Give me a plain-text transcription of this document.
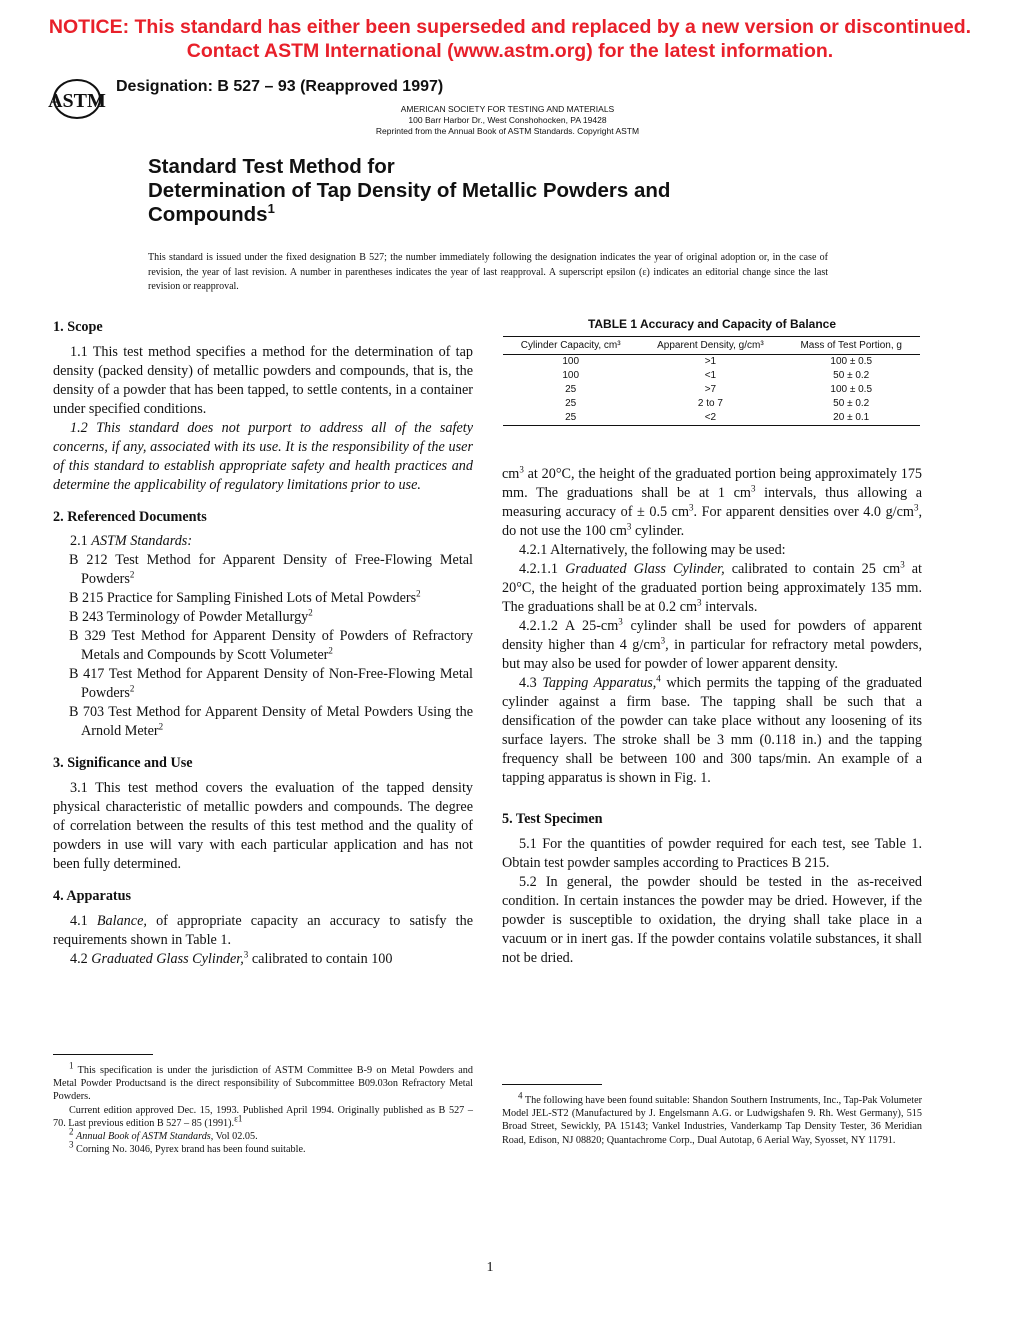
NOTICE: This standard has either been superseded and replaced by a new version or discontinued.
Contact ASTM International (www.astm.org) for the latest information.
ASTM
Designation: B 527 – 93 (Reapproved 1997)
AMERICAN SOCIETY FOR TESTING AND MATERIALS
100 Barr Harbor Dr., West Conshohocken, PA 19428
Reprinted from the Annual Book of ASTM Standards. Copyright ASTM
Standard Test Method for
Determination of Tap Density of Metallic Powders and
Compounds$^1$
This standard is issued under the fixed designation B 527; the number immediately following the designation indicates the year of original adoption or, in the case of revision, the year of last revision. A number in parentheses indicates the year of last reapproval. A superscript epsilon (ε) indicates an editorial change since the last revision or reapproval.

1. Scope

1.1 This test method specifies a method for the determination of tap density (packed density) of metallic powders and compounds, that is, the density of a powder that has been tapped, to settle contents, in a container under specified conditions.

1.2 This standard does not purport to address all of the safety concerns, if any, associated with its use. It is the responsibility of the user of this standard to establish appropriate safety and health practices and determine the applicability of regulatory limitations prior to use.

2. Referenced Documents

2.1 ASTM Standards:

B 212 Test Method for Apparent Density of Free-Flowing Metal Powders$^2$

B 215 Practice for Sampling Finished Lots of Metal Powders$^2$

B 243 Terminology of Powder Metallurgy$^2$

B 329 Test Method for Apparent Density of Powders of Refractory Metals and Compounds by Scott Volumeter$^2$

B 417 Test Method for Apparent Density of Non-Free-Flowing Metal Powders$^2$

B 703 Test Method for Apparent Density of Metal Powders Using the Arnold Meter$^2$

3. Significance and Use

3.1 This test method covers the evaluation of the tapped density physical characteristic of metallic powders and compounds. The degree of correlation between the results of this test method and the quality of powders in use will vary with each particular application and has not been fully determined.

4. Apparatus

4.1 Balance, of appropriate capacity an accuracy to satisfy the requirements shown in Table 1.

4.2 Graduated Glass Cylinder,$^3$ calibrated to contain 100

$^1$ This specification is under the jurisdiction of ASTM Committee B-9 on Metal Powders and Metal Powder Productsand is the direct responsibility of Subcommittee B09.03on Refractory Metal Powders.

Current edition approved Dec. 15, 1993. Published April 1994. Originally published as B 527 – 70. Last previous edition B 527 – 85 (1991).$^{\varepsilon 1}$

$^2$ Annual Book of ASTM Standards, Vol 02.05.

$^3$ Corning No. 3046, Pyrex brand has been found suitable.

TABLE 1 Accuracy and Capacity of Balance
Cylinder Capacity, cm³	Apparent Density, g/cm³	Mass of Test Portion, g
100	>1	100 ± 0.5
100	<1	50 ± 0.2
25	>7	100 ± 0.5
25	2 to 7	50 ± 0.2
25	<2	20 ± 0.1

$cm^3$ at 20°C, the height of the graduated portion being approximately 175 mm. The graduations shall be at 1 $cm^3$ intervals, thus allowing a measuring accuracy of ± 0.5 $cm^3$. For apparent densities over 4.0 $g/cm^3$, do not use the 100 $cm^3$ cylinder.

4.2.1 Alternatively, the following may be used:

4.2.1.1 Graduated Glass Cylinder, calibrated to contain 25 $cm^3$ at 20°C, the height of the graduated portion being approximately 135 mm. The graduations shall be at 0.2 $cm^3$ intervals.

4.2.1.2 A $25-cm^3$ cylinder shall be used for powders of apparent density higher than 4 $g/cm^3$, in particular for refractory metal powders, but may also be used for powder of lower apparent density.

4.3 Tapping Apparatus,$^4$ which permits the tapping of the graduated cylinder against a firm base. The tapping shall be such that a densification of the powder can take place without any loosening of its surface layers. The stroke shall be 3 mm (0.118 in.) and the tapping frequency shall be between 100 and 300 taps/min. An example of a tapping apparatus is shown in Fig. 1.

5. Test Specimen

5.1 For the quantities of powder required for each test, see Table 1. Obtain test powder samples according to Practices B 215.

5.2 In general, the powder should be tested in the as-received condition. In certain instances the powder may be dried. However, if the powder is susceptible to oxidation, the drying shall take place in a vacuum or in inert gas. If the powder contains volatile substances, it shall not be dried.

$^4$ The following have been found suitable: Shandon Southern Instruments, Inc., Tap-Pak Volumeter Model JEL-ST2 (Manufactured by J. Engelsmann A.G. or Ludwigshafen 9. Rh. West Germany), 515 Broad Street, Sewickly, PA 15143; Vankel Industries, Vanderkamp Tap Density Tester, 36 Meridian Road, Edison, NJ 08820; Quantachrome Corp., Dual Autotap, 6 Aerial Way, Syosset, NY 11791.

1
